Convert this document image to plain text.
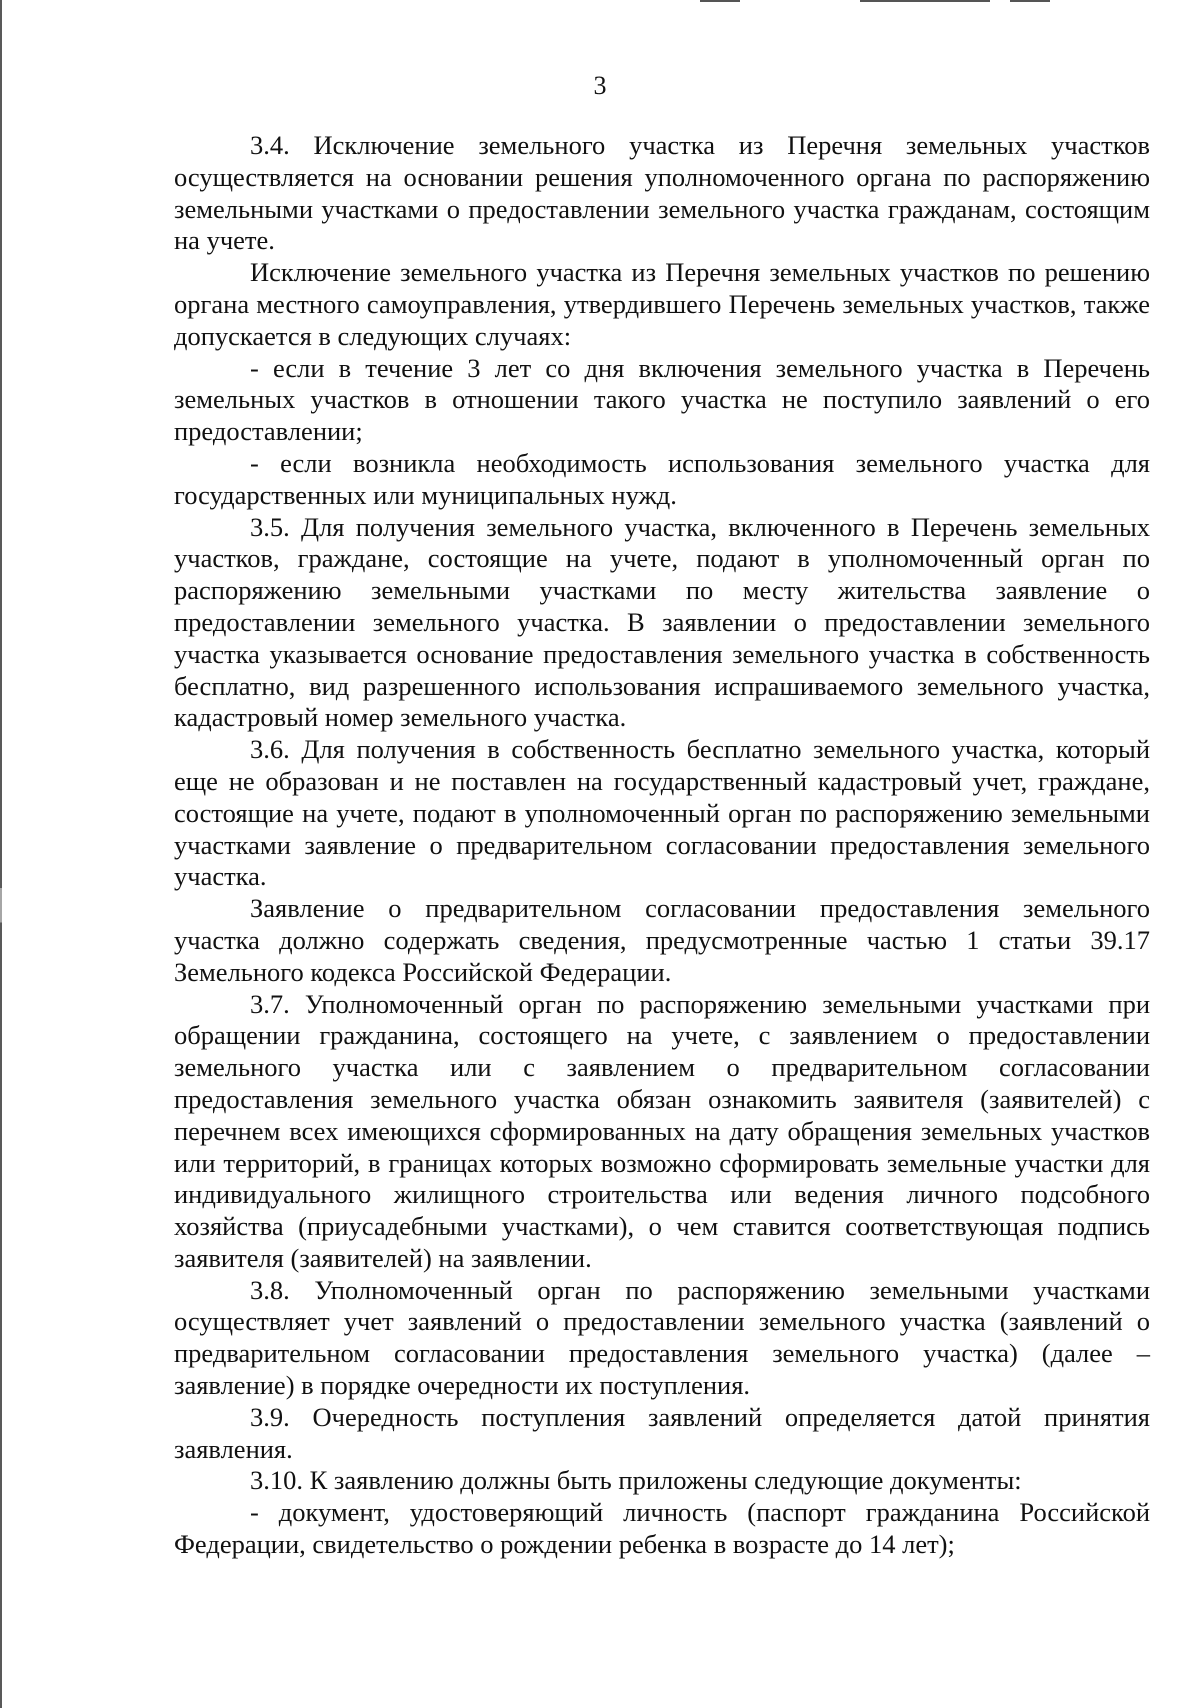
3

3.4. Исключение земельного участка из Перечня земельных участков осуществляется на основании решения уполномоченного органа по распоряжению земельными участками о предоставлении земельного участка гражданам, состоящим на учете.

Исключение земельного участка из Перечня земельных участков по решению органа местного самоуправления, утвердившего Перечень земельных участков, также допускается в следующих случаях:

- если в течение 3 лет со дня включения земельного участка в Перечень земельных участков в отношении такого участка не поступило заявлений о его предоставлении;

- если возникла необходимость использования земельного участка для государственных или муниципальных нужд.

3.5. Для получения земельного участка, включенного в Перечень земельных участков, граждане, состоящие на учете, подают в уполномоченный орган по распоряжению земельными участками по месту жительства заявление о предоставлении земельного участка. В заявлении о предоставлении земельного участка указывается основание предоставления земельного участка в собственность бесплатно, вид разрешенного использования испрашиваемого земельного участка, кадастровый номер земельного участка.

3.6. Для получения в собственность бесплатно земельного участка, который еще не образован и не поставлен на государственный кадастровый учет, граждане, состоящие на учете, подают в уполномоченный орган по распоряжению земельными участками заявление о предварительном согласовании предоставления земельного участка.

Заявление о предварительном согласовании предоставления земельного участка должно содержать сведения, предусмотренные частью 1 статьи 39.17 Земельного кодекса Российской Федерации.

3.7. Уполномоченный орган по распоряжению земельными участками при обращении гражданина, состоящего на учете, с заявлением о предоставлении земельного участка или с заявлением о предварительном согласовании предоставления земельного участка обязан ознакомить заявителя (заявителей) с перечнем всех имеющихся сформированных на дату обращения земельных участков или территорий, в границах которых возможно сформировать земельные участки для индивидуального жилищного строительства или ведения личного подсобного хозяйства (приусадебными участками), о чем ставится соответствующая подпись заявителя (заявителей) на заявлении.

3.8. Уполномоченный орган по распоряжению земельными участками осуществляет учет заявлений о предоставлении земельного участка (заявлений о предварительном согласовании предоставления земельного участка) (далее – заявление) в порядке очередности их поступления.

3.9. Очередность поступления заявлений определяется датой принятия заявления.

3.10. К заявлению должны быть приложены следующие документы:

- документ, удостоверяющий личность (паспорт гражданина Российской Федерации, свидетельство о рождении ребенка в возрасте до 14 лет);
